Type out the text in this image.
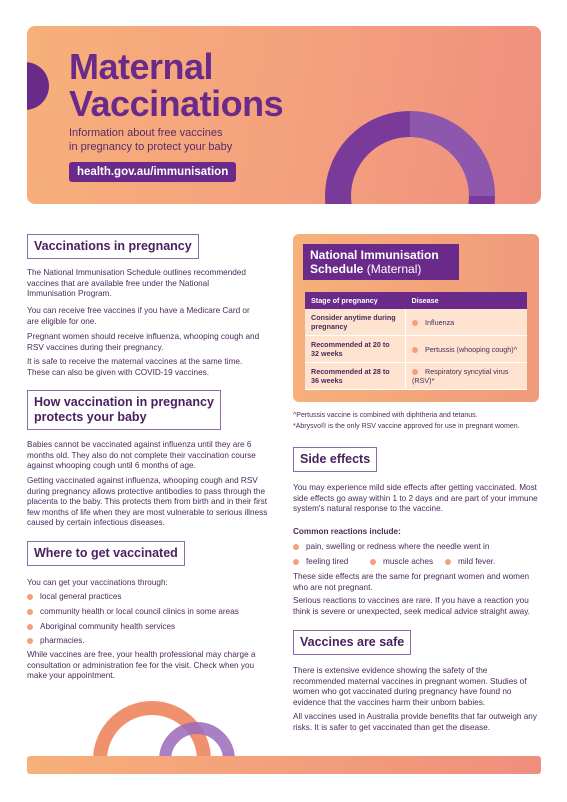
Maternal
Vaccinations

Information about free vaccines
in pregnancy to protect your baby

health.gov.au/immunisation
Vaccinations in pregnancy

The National Immunisation Schedule outlines recommended vaccines that are available free under the National Immunisation Program.

You can receive free vaccines if you have a Medicare Card or are eligible for one.

Pregnant women should receive influenza, whooping cough and RSV vaccines during their pregnancy.

It is safe to receive the maternal vaccines at the same time. These can also be given with COVID-19 vaccines.

How vaccination in pregnancy
protects your baby

Babies cannot be vaccinated against influenza until they are 6 months old. They also do not complete their vaccination course against whooping cough until 6 months of age.

Getting vaccinated against influenza, whooping cough and RSV during pregnancy allows protective antibodies to pass through the placenta to the baby. This protects them from birth and in their first few months of life when they are most vulnerable to serious illness caused by certain infectious diseases.

Where to get vaccinated

You can get your vaccinations through:

local general practices
community health or local council clinics in some areas
Aboriginal community health services
pharmacies.

While vaccines are free, your health professional may charge a consultation or administration fee for the visit. Check when you make your appointment.

National Immunisation Schedule (Maternal)
Stage of pregnancy	Disease
Consider anytime during pregnancy	Influenza
Recommended at 20 to 32 weeks	Pertussis (whooping cough)^
Recommended at 28 to 36 weeks	Respiratory syncytial virus (RSV)*
^Pertussis vaccine is combined with diphtheria and tetanus.
*Abrysvo® is the only RSV vaccine approved for use in pregnant women.
Side effects

You may experience mild side effects after getting vaccinated. Most side effects go away within 1 to 2 days and are part of your immune system's natural response to the vaccine.

Common reactions include:

pain, swelling or redness where the needle went in
feeling tired	muscle aches	mild fever.

These side effects are the same for pregnant women and women who are not pregnant.

Serious reactions to vaccines are rare. If you have a reaction you think is severe or unexpected, seek medical advice straight away.

Vaccines are safe

There is extensive evidence showing the safety of the recommended maternal vaccines in pregnant women. Studies of women who got vaccinated during pregnancy have found no evidence that the vaccines harm their unborn babies.

All vaccines used in Australia provide benefits that far outweigh any risks. It is safer to get vaccinated than get the disease.
